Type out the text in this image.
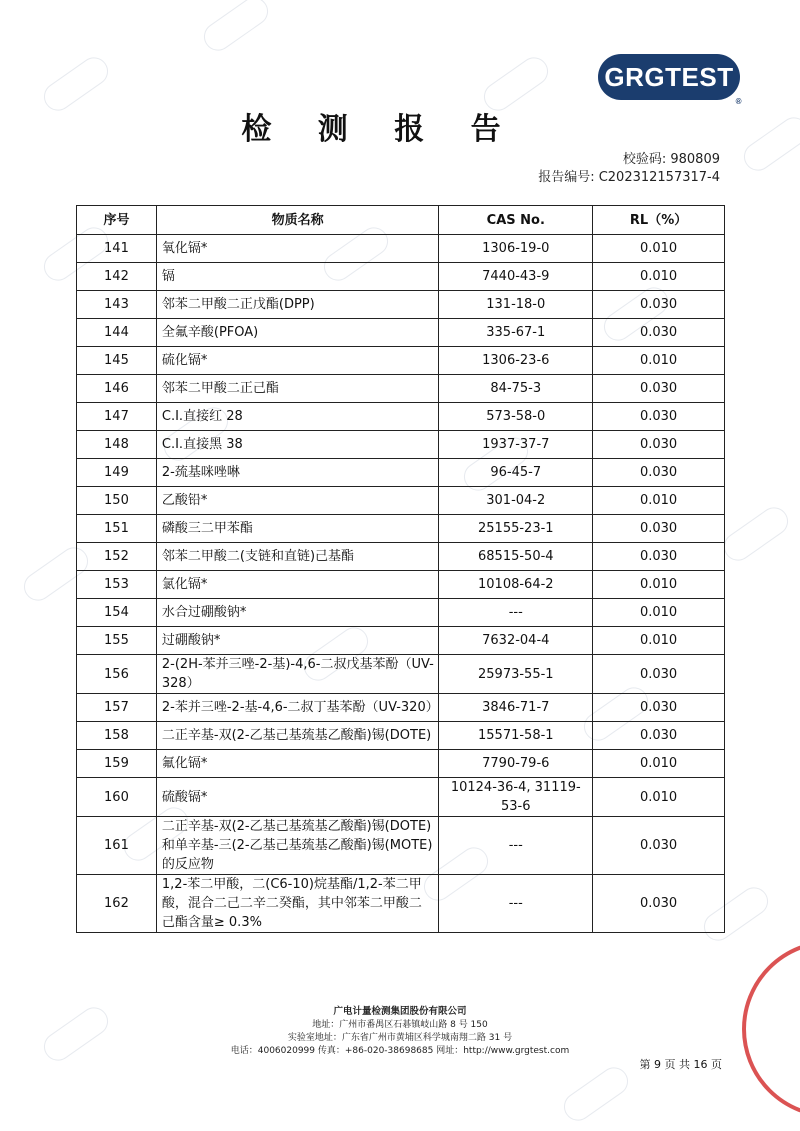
GRGTEST
®
检 测 报 告
校验码: 980809
报告编号: C202312157317-4
序号	物质名称	CAS No.	RL（%）
141	氧化镉*	1306-19-0	0.010
142	镉	7440-43-9	0.010
143	邻苯二甲酸二正戊酯(DPP)	131-18-0	0.030
144	全氟辛酸(PFOA)	335-67-1	0.030
145	硫化镉*	1306-23-6	0.010
146	邻苯二甲酸二正己酯	84-75-3	0.030
147	C.I.直接红 28	573-58-0	0.030
148	C.I.直接黑 38	1937-37-7	0.030
149	2-巯基咪唑啉	96-45-7	0.030
150	乙酸铅*	301-04-2	0.010
151	磷酸三二甲苯酯	25155-23-1	0.030
152	邻苯二甲酸二(支链和直链)己基酯	68515-50-4	0.030
153	氯化镉*	10108-64-2	0.010
154	水合过硼酸钠*	---	0.010
155	过硼酸钠*	7632-04-4	0.010
156	2-(2H-苯并三唑-2-基)-4,6-二叔戊基苯酚（UV-328）	25973-55-1	0.030
157	2-苯并三唑-2-基-4,6-二叔丁基苯酚（UV-320）	3846-71-7	0.030
158	二正辛基-双(2-乙基己基巯基乙酸酯)锡(DOTE)	15571-58-1	0.030
159	氟化镉*	7790-79-6	0.010
160	硫酸镉*	10124-36-4, 31119-53-6	0.010
161	二正辛基-双(2-乙基己基巯基乙酸酯)锡(DOTE)和单辛基-三(2-乙基己基巯基乙酸酯)锡(MOTE)的反应物	---	0.030
162	1,2-苯二甲酸，二(C6-10)烷基酯/1,2-苯二甲酸，混合二己二辛二癸酯，其中邻苯二甲酸二己酯含量≥ 0.3%	---	0.030
广电计量检测集团股份有限公司
地址：广州市番禺区石碁镇岐山路 8 号 150
实验室地址：广东省广州市黄埔区科学城南翔二路 31 号
电话：4006020999 传真：+86-020-38698685 网址：http://www.grgtest.com
第 9 页 共 16 页
